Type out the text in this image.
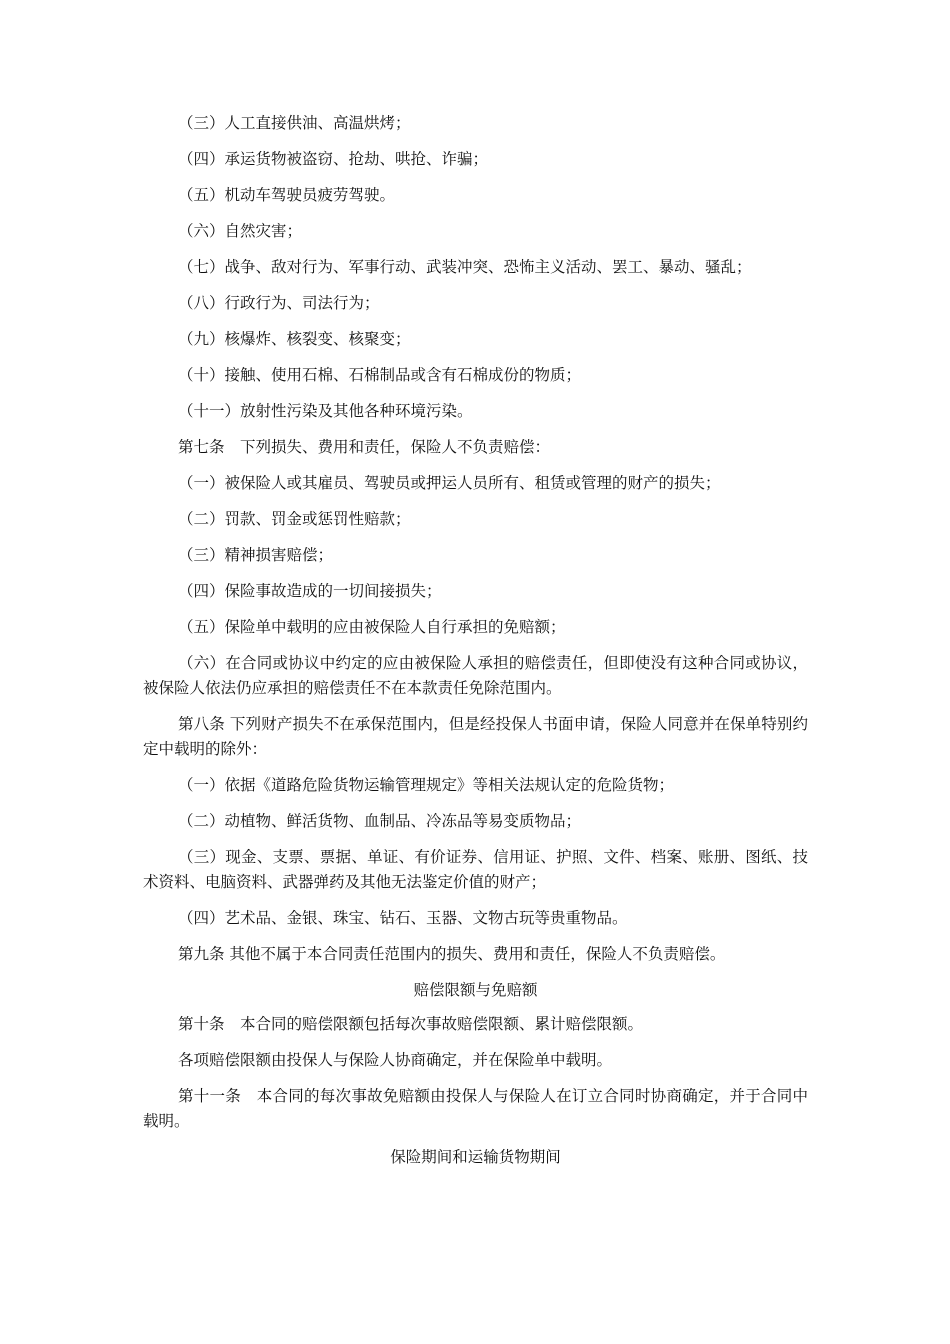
（三）人工直接供油、高温烘烤；

（四）承运货物被盗窃、抢劫、哄抢、诈骗；

（五）机动车驾驶员疲劳驾驶。

（六）自然灾害；

（七）战争、敌对行为、军事行动、武装冲突、恐怖主义活动、罢工、暴动、骚乱；

（八）行政行为、司法行为；

（九）核爆炸、核裂变、核聚变；

（十）接触、使用石棉、石棉制品或含有石棉成份的物质；

（十一）放射性污染及其他各种环境污染。

第七条　下列损失、费用和责任，保险人不负责赔偿：

（一）被保险人或其雇员、驾驶员或押运人员所有、租赁或管理的财产的损失；

（二）罚款、罚金或惩罚性赔款；

（三）精神损害赔偿；

（四）保险事故造成的一切间接损失；

（五）保险单中载明的应由被保险人自行承担的免赔额；

（六）在合同或协议中约定的应由被保险人承担的赔偿责任，但即使没有这种合同或协议，被保险人依法仍应承担的赔偿责任不在本款责任免除范围内。

第八条 下列财产损失不在承保范围内，但是经投保人书面申请，保险人同意并在保单特别约定中载明的除外：

（一）依据《道路危险货物运输管理规定》等相关法规认定的危险货物；

（二）动植物、鲜活货物、血制品、冷冻品等易变质物品；

（三）现金、支票、票据、单证、有价证券、信用证、护照、文件、档案、账册、图纸、技术资料、电脑资料、武器弹药及其他无法鉴定价值的财产；

（四）艺术品、金银、珠宝、钻石、玉器、文物古玩等贵重物品。

第九条 其他不属于本合同责任范围内的损失、费用和责任，保险人不负责赔偿。

赔偿限额与免赔额

第十条　本合同的赔偿限额包括每次事故赔偿限额、累计赔偿限额。

各项赔偿限额由投保人与保险人协商确定，并在保险单中载明。

第十一条　本合同的每次事故免赔额由投保人与保险人在订立合同时协商确定，并于合同中载明。

保险期间和运输货物期间
